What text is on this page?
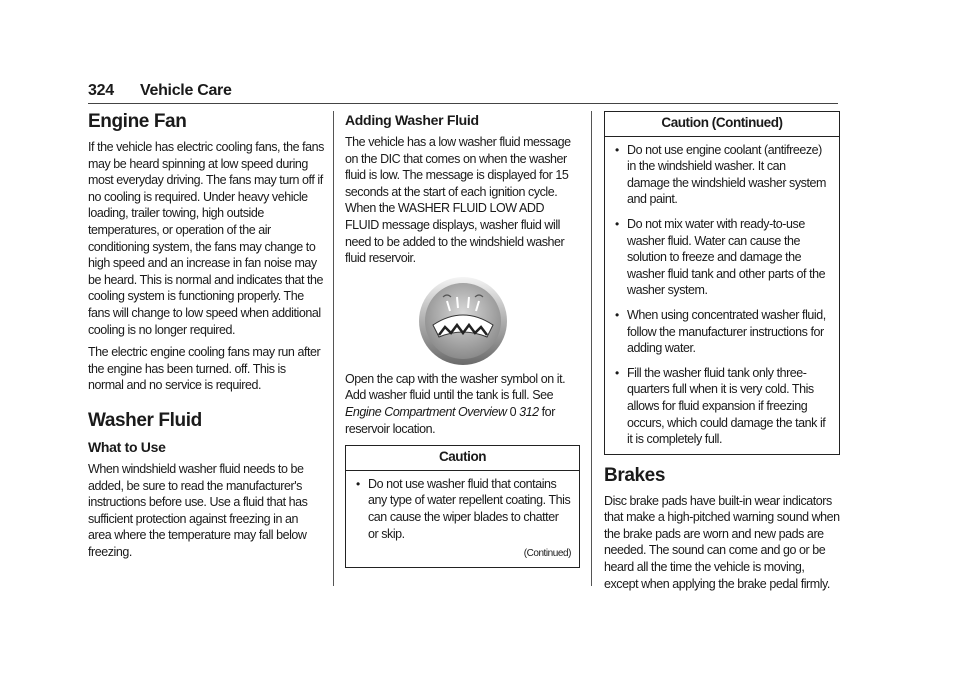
324 Vehicle Care
Engine Fan

If the vehicle has electric cooling fans, the fans may be heard spinning at low speed during most everyday driving. The fans may turn off if no cooling is required. Under heavy vehicle loading, trailer towing, high outside temperatures, or operation of the air conditioning system, the fans may change to high speed and an increase in fan noise may be heard. This is normal and indicates that the cooling system is functioning properly. The fans will change to low speed when additional cooling is no longer required.

The electric engine cooling fans may run after the engine has been turned. off. This is normal and no service is required.

Washer Fluid
What to Use

When windshield washer fluid needs to be added, be sure to read the manufacturer's instructions before use. Use a fluid that has sufficient protection against freezing in an area where the temperature may fall below freezing.

Adding Washer Fluid

The vehicle has a low washer fluid message on the DIC that comes on when the washer fluid is low. The message is displayed for 15 seconds at the start of each ignition cycle. When the WASHER FLUID LOW ADD FLUID message displays, washer fluid will need to be added to the windshield washer fluid reservoir.

Open the cap with the washer symbol on it. Add washer fluid until the tank is full. See Engine Compartment Overview 0 312 for reservoir location.

Caution
• Do not use washer fluid that contains any type of water repellent coating. This can cause the wiper blades to chatter or skip.
(Continued)
Caution (Continued)
• Do not use engine coolant (antifreeze) in the windshield washer. It can damage the windshield washer system and paint.
• Do not mix water with ready-to-use washer fluid. Water can cause the solution to freeze and damage the washer fluid tank and other parts of the washer system.
• When using concentrated washer fluid, follow the manufacturer instructions for adding water.
• Fill the washer fluid tank only three-quarters full when it is very cold. This allows for fluid expansion if freezing occurs, which could damage the tank if it is completely full.
Brakes

Disc brake pads have built-in wear indicators that make a high-pitched warning sound when the brake pads are worn and new pads are needed. The sound can come and go or be heard all the time the vehicle is moving, except when applying the brake pedal firmly.
